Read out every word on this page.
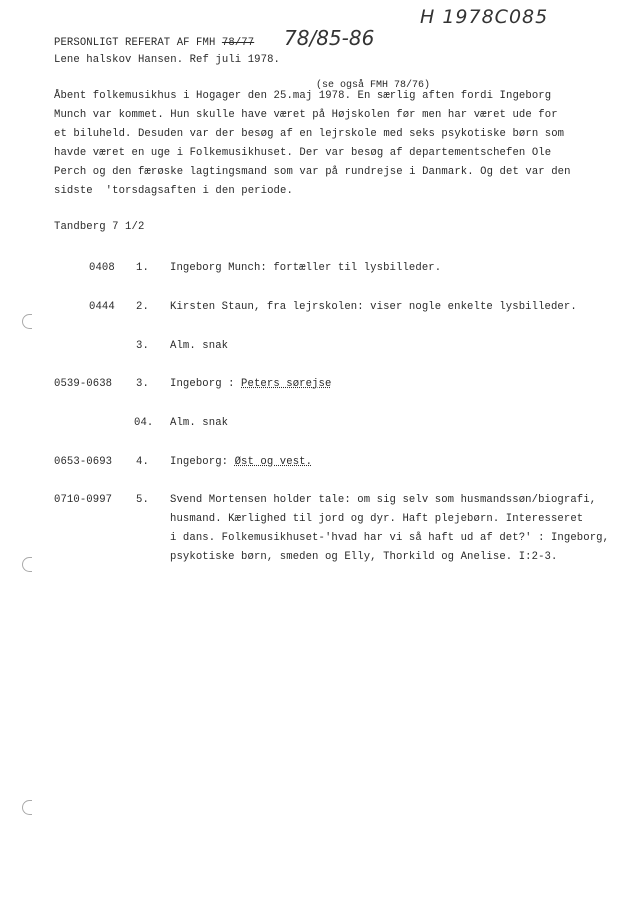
PERSONLIGT REFERAT AF FMH 78/77 78/85-86
H 1978C085
Lene halskov Hansen. Ref juli 1978.
(se også FMH 78/76)
Åbent folkemusikhus i Hogager den 25.maj 1978. En særlig aften fordi Ingeborg
Munch var kommet. Hun skulle have været på Højskolen før men har været ude for
et biluheld. Desuden var der besøg af en lejrskole med seks psykotiske børn som
havde været en uge i Folkemusikhuset. Der var besøg af departementschefen Ole
Perch og den færøske lagtingsmand som var på rundrejse i Danmark. Og det var den
sidste  'torsdagsaften i den periode.
Tandberg 7 1/2
0408 1. Ingeborg Munch: fortæller til lysbilleder.
0444 2. Kirsten Staun, fra lejrskolen: viser nogle enkelte lysbilleder.
3. Alm. snak
0539-0638 3. Ingeborg : Peters sørejse
04. Alm. snak
0653-0693 4. Ingeborg: Øst og vest.
0710-0997 5. Svend Mortensen holder tale: om sig selv som husmandssøn/biografi,
husmand. Kærlighed til jord og dyr. Haft plejebørn. Interesseret
i dans. Folkemusikhuset-'hvad har vi så haft ud af det?' : Ingeborg,
psykotiske børn, smeden og Elly, Thorkild og Anelise. I:2-3.
